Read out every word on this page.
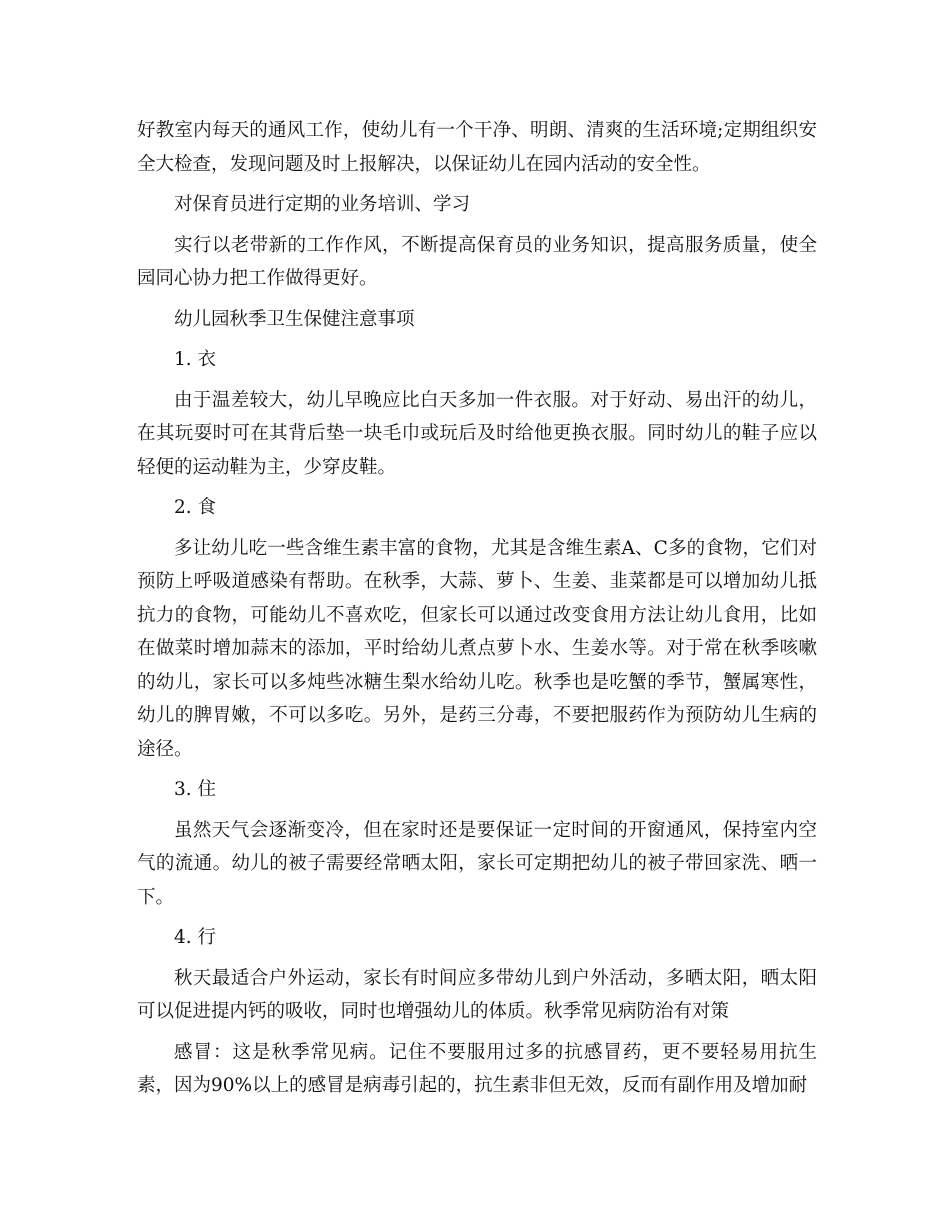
好教室内每天的通风工作，使幼儿有一个干净、明朗、清爽的生活环境;定期组织安全大检查，发现问题及时上报解决，以保证幼儿在园内活动的安全性。

对保育员进行定期的业务培训、学习

实行以老带新的工作作风，不断提高保育员的业务知识，提高服务质量，使全园同心协力把工作做得更好。

幼儿园秋季卫生保健注意事项

1. 衣

由于温差较大，幼儿早晚应比白天多加一件衣服。对于好动、易出汗的幼儿，在其玩耍时可在其背后垫一块毛巾或玩后及时给他更换衣服。同时幼儿的鞋子应以轻便的运动鞋为主，少穿皮鞋。

2. 食

多让幼儿吃一些含维生素丰富的食物，尤其是含维生素A、C多的食物，它们对预防上呼吸道感染有帮助。在秋季，大蒜、萝卜、生姜、韭菜都是可以增加幼儿抵抗力的食物，可能幼儿不喜欢吃，但家长可以通过改变食用方法让幼儿食用，比如在做菜时增加蒜末的添加，平时给幼儿煮点萝卜水、生姜水等。对于常在秋季咳嗽的幼儿，家长可以多炖些冰糖生梨水给幼儿吃。秋季也是吃蟹的季节，蟹属寒性，幼儿的脾胃嫩，不可以多吃。另外，是药三分毒，不要把服药作为预防幼儿生病的途径。

3. 住

虽然天气会逐渐变冷，但在家时还是要保证一定时间的开窗通风，保持室内空气的流通。幼儿的被子需要经常晒太阳，家长可定期把幼儿的被子带回家洗、晒一下。

4. 行

秋天最适合户外运动，家长有时间应多带幼儿到户外活动，多晒太阳，晒太阳可以促进提内钙的吸收，同时也增强幼儿的体质。秋季常见病防治有对策

感冒：这是秋季常见病。记住不要服用过多的抗感冒药，更不要轻易用抗生素，因为90%以上的感冒是病毒引起的，抗生素非但无效，反而有副作用及增加耐
